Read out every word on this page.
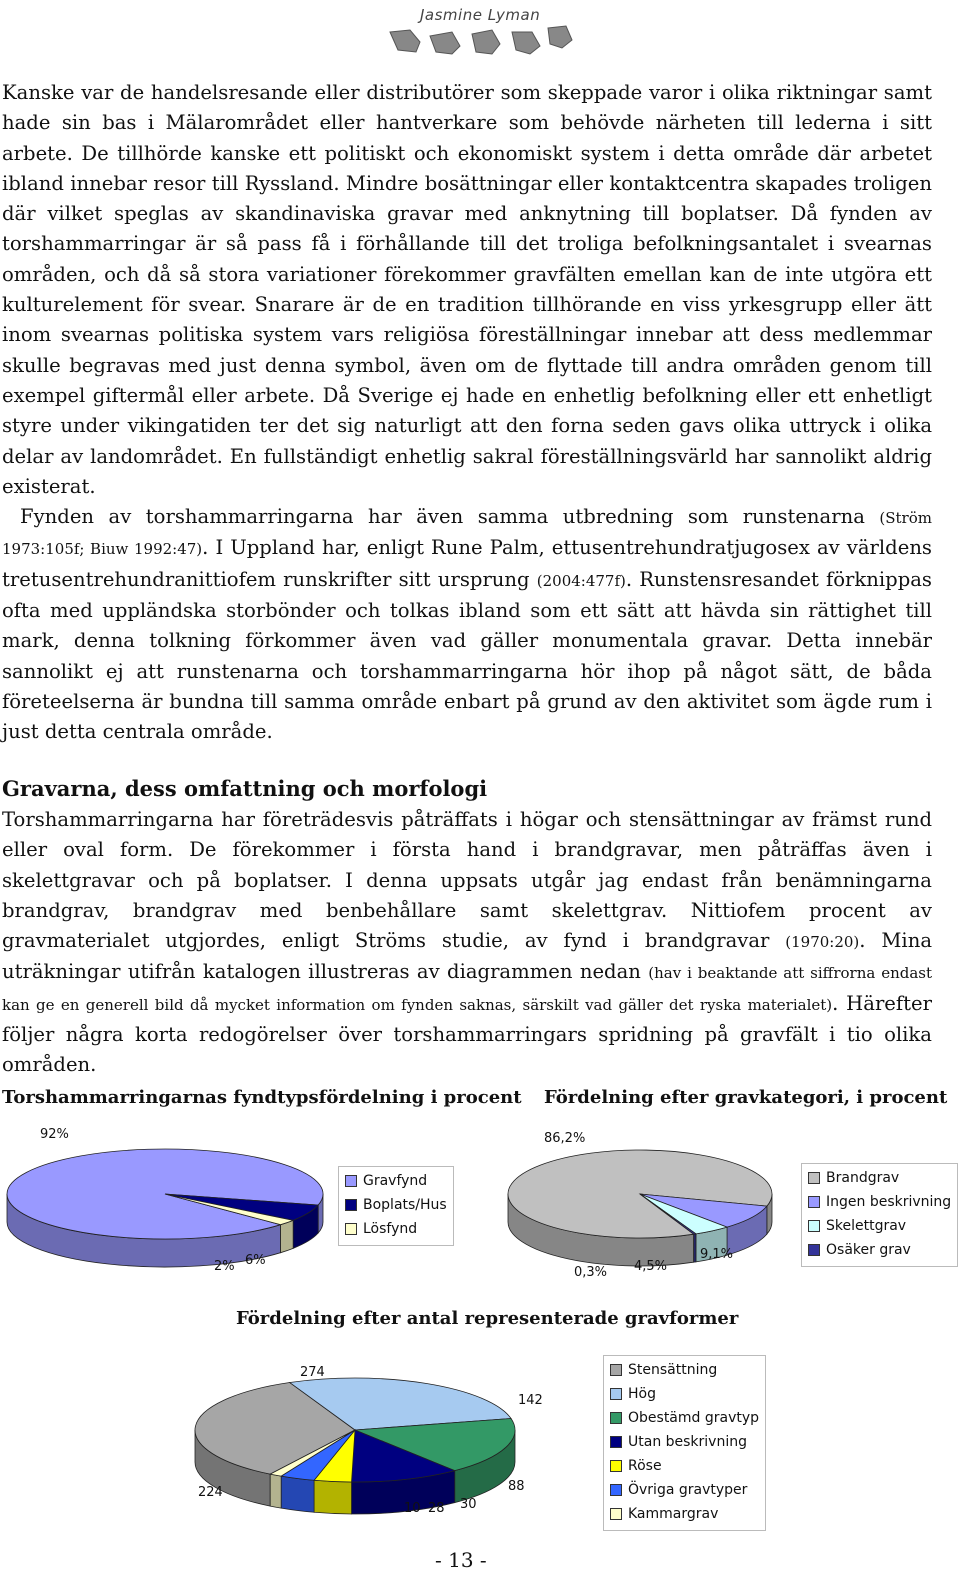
Jasmine Lyman

Kanske var de handelsresande eller distributörer som skeppade varor i olika riktningar samt hade sin bas i Mälarområdet eller hantverkare som behövde närheten till lederna i sitt arbete. De tillhörde kanske ett politiskt och ekonomiskt system i detta område där arbetet ibland innebar resor till Ryssland. Mindre bosättningar eller kontaktcentra skapades troligen där vilket speglas av skandinaviska gravar med anknytning till boplatser. Då fynden av torshammarringar är så pass få i förhållande till det troliga befolkningsantalet i svearnas områden, och då så stora variationer förekommer gravfälten emellan kan de inte utgöra ett kulturelement för svear. Snarare är de en tradition tillhörande en viss yrkesgrupp eller ätt inom svearnas politiska system vars religiösa föreställningar innebar att dess medlemmar skulle begravas med just denna symbol, även om de flyttade till andra områden genom till exempel giftermål eller arbete. Då Sverige ej hade en enhetlig befolkning eller ett enhetligt styre under vikingatiden ter det sig naturligt att den forna seden gavs olika uttryck i olika delar av landområdet. En fullständigt enhetlig sakral föreställningsvärld har sannolikt aldrig existerat.

Fynden av torshammarringarna har även samma utbredning som runstenarna (Ström 1973:105f; Biuw 1992:47). I Uppland har, enligt Rune Palm, ettusentrehundratjugosex av världens tretusentrehundranittiofem runskrifter sitt ursprung (2004:477f). Runstensresandet förknippas ofta med uppländska storbönder och tolkas ibland som ett sätt att hävda sin rättighet till mark, denna tolkning förkommer även vad gäller monumentala gravar. Detta innebär sannolikt ej att runstenarna och torshammarringarna hör ihop på något sätt, de båda företeelserna är bundna till samma område enbart på grund av den aktivitet som ägde rum i just detta centrala område.

Gravarna, dess omfattning och morfologi

Torshammarringarna har företrädesvis påträffats i högar och stensättningar av främst rund eller oval form. De förekommer i första hand i brandgravar, men påträffas även i skelettgravar och på boplatser. I denna uppsats utgår jag endast från benämningarna brandgrav, brandgrav med benbehållare samt skelettgrav. Nittiofem procent av gravmaterialet utgjordes, enligt Ströms studie, av fynd i brandgravar (1970:20). Mina uträkningar utifrån katalogen illustreras av diagrammen nedan (hav i beaktande att siffrorna endast kan ge en generell bild då mycket information om fynden saknas, särskilt vad gäller det ryska materialet). Härefter följer några korta redogörelser över torshammarringars spridning på gravfält i tio olika områden.

Torshammarringarnas fyndtypsfördelning i procent
92%
6%
2%
Gravfynd
Boplats/Hus
Lösfynd
Fördelning efter gravkategori, i procent
86,2%
9,1%
4,5%
0,3%
Brandgrav
Ingen beskrivning
Skelettgrav
Osäker grav
Fördelning efter antal representerade gravformer
274
224
142
88
30
28
10
Stensättning
Hög
Obestämd gravtyp
Utan beskrivning
Röse
Övriga gravtyper
Kammargrav
- 13 -
